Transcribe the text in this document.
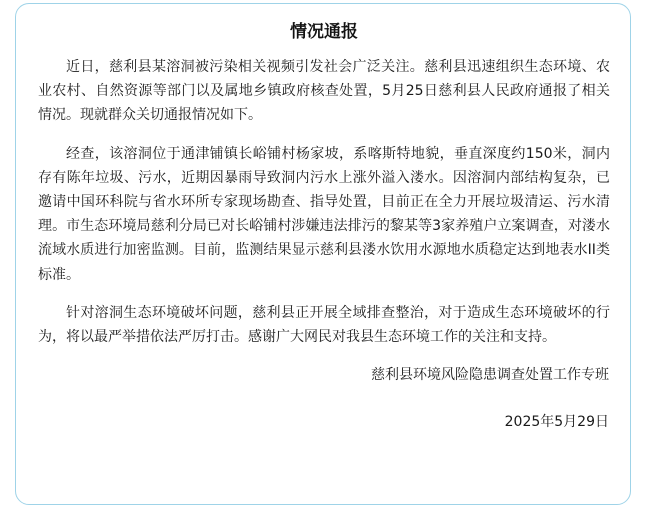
情况通报

近日，慈利县某溶洞被污染相关视频引发社会广泛关注。慈利县迅速组织生态环境、农业农村、自然资源等部门以及属地乡镇政府核查处置，5月25日慈利县人民政府通报了相关情况。现就群众关切通报情况如下。

经查，该溶洞位于通津铺镇长峪铺村杨家坡，系喀斯特地貌，垂直深度约150米，洞内存有陈年垃圾、污水，近期因暴雨导致洞内污水上涨外溢入溇水。因溶洞内部结构复杂，已邀请中国环科院与省水环所专家现场勘查、指导处置，目前正在全力开展垃圾清运、污水清理。市生态环境局慈利分局已对长峪铺村涉嫌违法排污的黎某等3家养殖户立案调查，对溇水流域水质进行加密监测。目前，监测结果显示慈利县溇水饮用水源地水质稳定达到地表水II类标准。

针对溶洞生态环境破坏问题，慈利县正开展全域排查整治，对于造成生态环境破坏的行为，将以最严举措依法严厉打击。感谢广大网民对我县生态环境工作的关注和支持。

慈利县环境风险隐患调查处置工作专班
2025年5月29日
